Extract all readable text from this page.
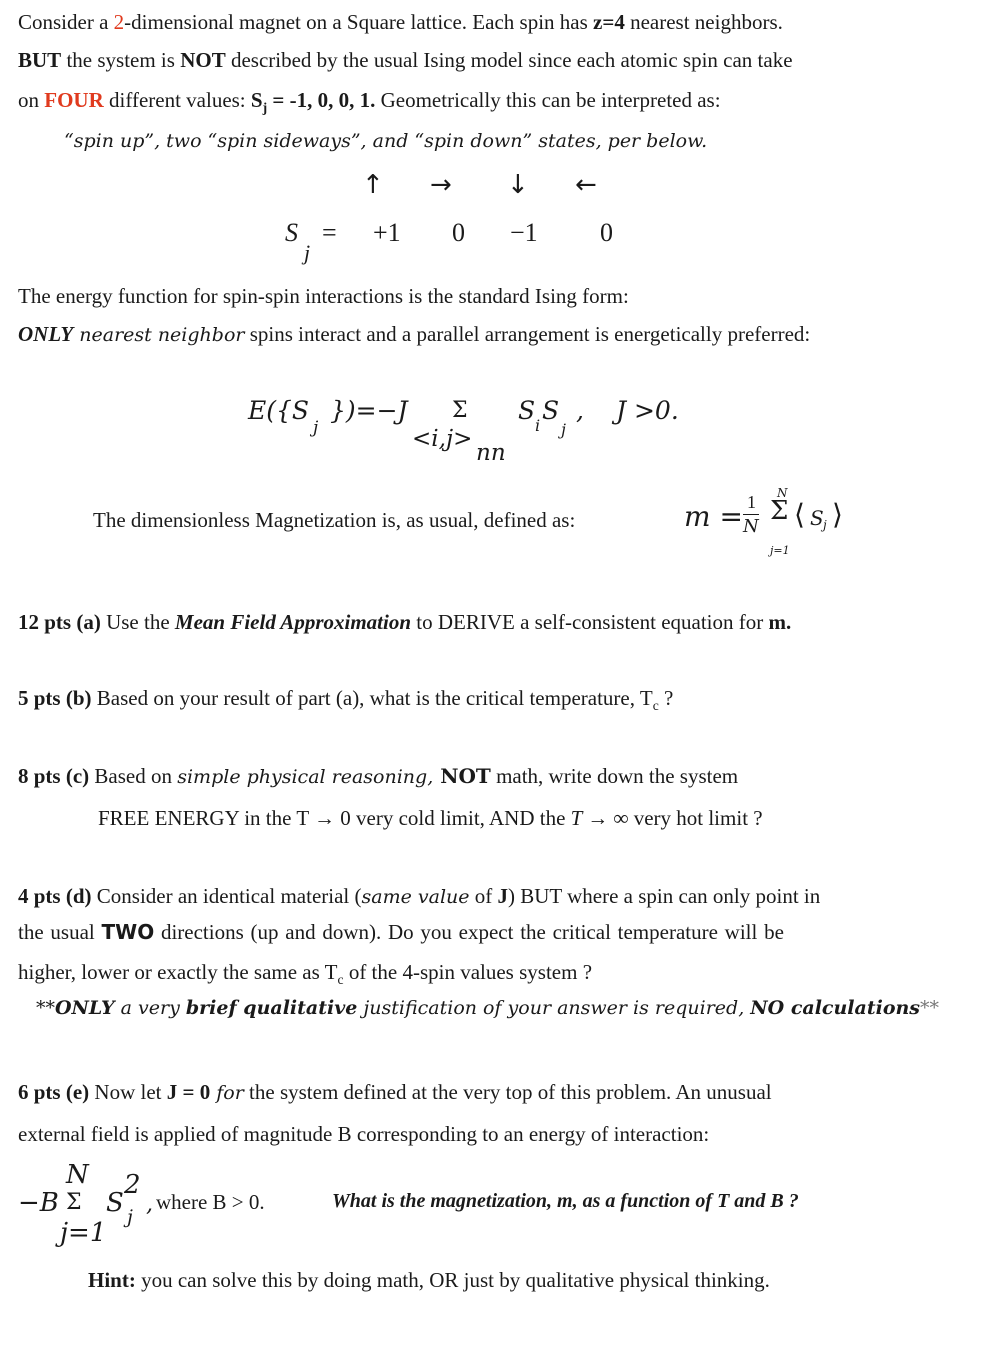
Consider a 2-dimensional magnet on a Square lattice. Each spin has z=4 nearest neighbors.
BUT the system is NOT described by the usual Ising model since each atomic spin can take
on FOUR different values: $S_j = -1$, 0, 0, 1. Geometrically this can be interpreted as:
“spin up”, two “spin sideways”, and “spin down” states, per below.
↑ → ↓ ←
S
j
= +1 0 −1 0
The energy function for spin-spin interactions is the standard Ising form:
ONLY nearest neighbor spins interact and a parallel arrangement is energetically preferred:
E({S
j
})=−J Σ
<i,j>
nn
S
i
S
j
, J >0.
The dimensionless Magnetization is, as usual, defined as:	m = 1
N
N
Σ
j=1
⟨ S j ⟩
12 pts (a) Use the Mean Field Approximation to DERIVE a self-consistent equation for m.
5 pts (b) Based on your result of part (a), what is the critical temperature, $T_c$ ?
8 pts (c) Based on simple physical reasoning, NOT math, write down the system
FREE ENERGY in the T → 0 very cold limit, AND the T → ∞ very hot limit ?
4 pts (d) Consider an identical material (same value of J) BUT where a spin can only point in
the usual TWO directions (up and down). Do you expect the critical temperature will be
higher, lower or exactly the same as $T_c$ of the 4-spin values system ?
**ONLY a very brief qualitative justification of your answer is required, NO calculations**
6 pts (e) Now let J = 0 for the system defined at the very top of this problem. An unusual
external field is applied of magnitude B corresponding to an energy of interaction:
−B
N
Σ
j=1
S
2
j , where B > 0.	What is the magnetization, m, as a function of T and B ?
Hint: you can solve this by doing math, OR just by qualitative physical thinking.
